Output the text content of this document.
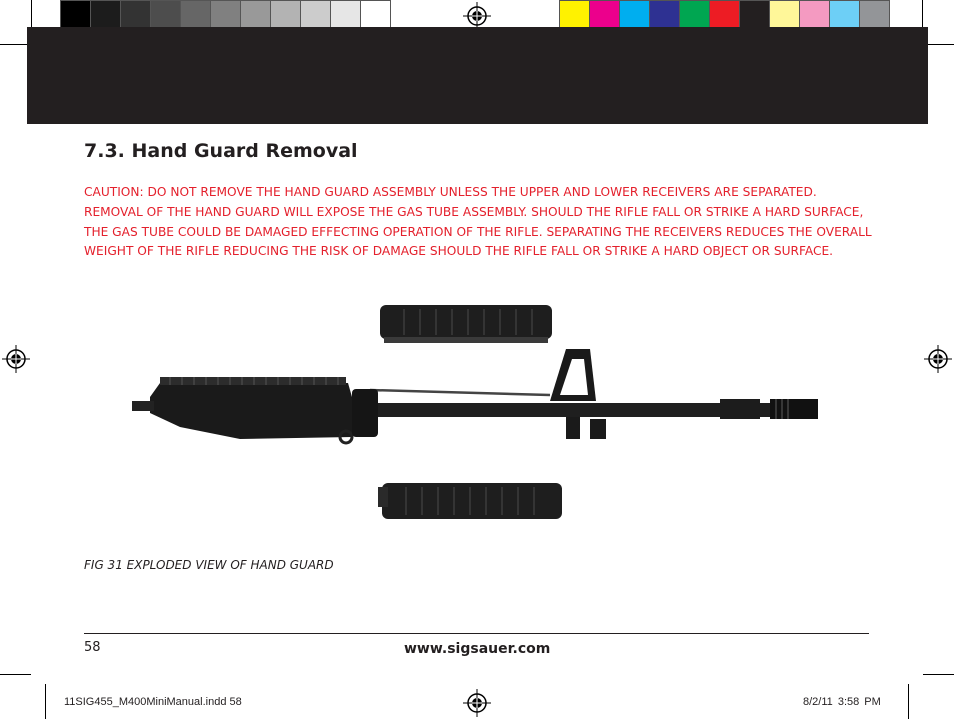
7.3. Hand Guard Removal
CAUTION: DO NOT REMOVE THE HAND GUARD ASSEMBLY UNLESS THE UPPER AND LOWER RECEIVERS ARE SEPARATED. REMOVAL OF THE HAND GUARD WILL EXPOSE THE GAS TUBE ASSEMBLY. SHOULD THE RIFLE FALL OR STRIKE A HARD SURFACE, THE GAS TUBE COULD BE DAMAGED EFFECTING OPERATION OF THE RIFLE. SEPARATING THE RECEIVERS REDUCES THE OVERALL WEIGHT OF THE RIFLE REDUCING THE RISK OF DAMAGE SHOULD THE RIFLE FALL OR STRIKE A HARD OBJECT OR SURFACE.
FIG 31 EXPLODED VIEW OF HAND GUARD
58	www.sigsauer.com
11SIG455_M400MiniManual.indd 58	8/2/11 3:58 PM
